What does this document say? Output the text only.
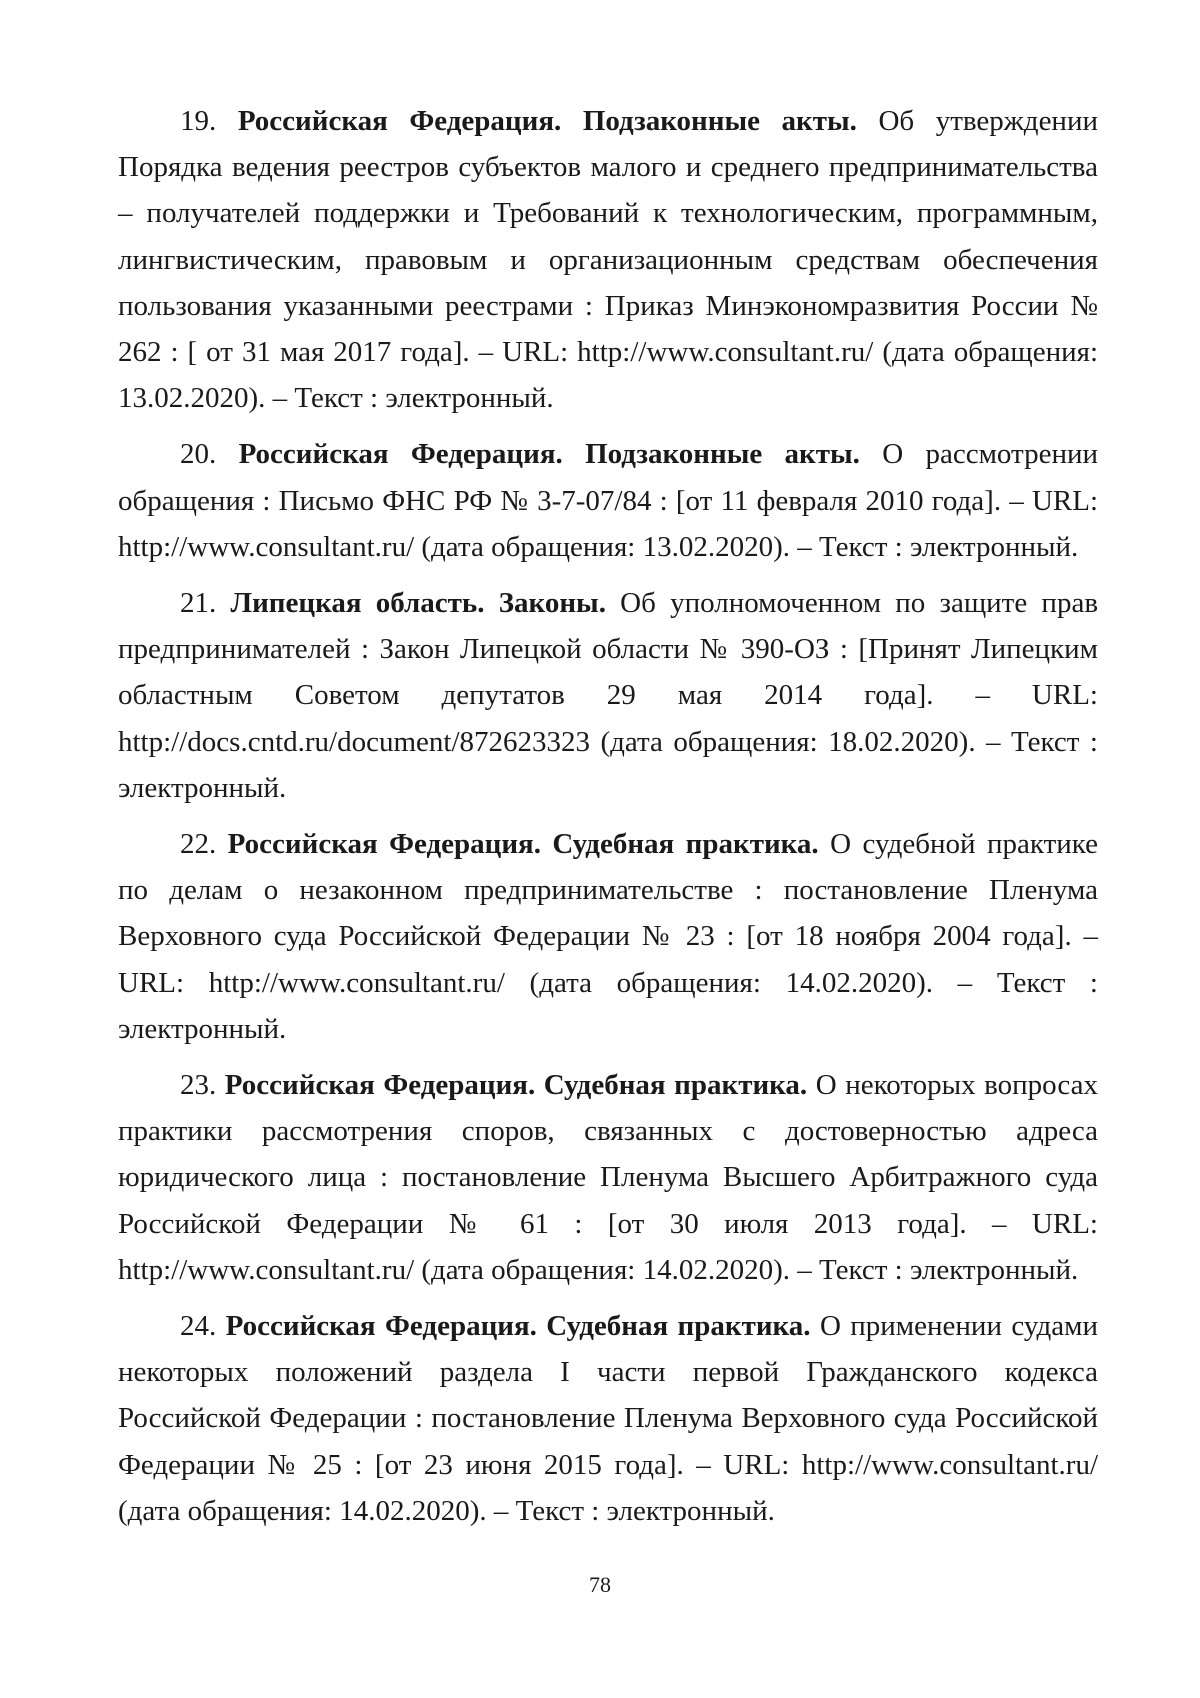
19. Российская Федерация. Подзаконные акты. Об утверждении Порядка ведения реестров субъектов малого и среднего предпринимательства – получателей поддержки и Требований к технологическим, программным, лингвистическим, правовым и организационным средствам обеспечения пользования указанными реестрами : Приказ Минэкономразвития России № 262 : [ от 31 мая 2017 года]. – URL: http://www.consultant.ru/ (дата обращения: 13.02.2020). – Текст : электронный.

20. Российская Федерация. Подзаконные акты. О рассмотрении обращения : Письмо ФНС РФ № 3-7-07/84 : [от 11 февраля 2010 года]. – URL: http://www.consultant.ru/ (дата обращения: 13.02.2020). – Текст : электронный.

21. Липецкая область. Законы. Об уполномоченном по защите прав предпринимателей : Закон Липецкой области № 390-ОЗ : [Принят Липецким областным Советом депутатов 29 мая 2014 года]. – URL: http://docs.cntd.ru/document/872623323 (дата обращения: 18.02.2020). – Текст : электронный.

22. Российская Федерация. Судебная практика. О судебной практике по делам о незаконном предпринимательстве : постановление Пленума Верховного суда Российской Федерации № 23 : [от 18 ноября 2004 года]. – URL: http://www.consultant.ru/ (дата обращения: 14.02.2020). – Текст : электронный.

23. Российская Федерация. Судебная практика. О некоторых вопросах практики рассмотрения споров, связанных с достоверностью адреса юридического лица : постановление Пленума Высшего Арбитражного суда Российской Федерации № 61 : [от 30 июля 2013 года]. – URL: http://www.consultant.ru/ (дата обращения: 14.02.2020). – Текст : электронный.

24. Российская Федерация. Судебная практика. О применении судами некоторых положений раздела I части первой Гражданского кодекса Российской Федерации : постановление Пленума Верховного суда Российской Федерации № 25 : [от 23 июня 2015 года]. – URL: http://www.consultant.ru/ (дата обращения: 14.02.2020). – Текст : электронный.

78
